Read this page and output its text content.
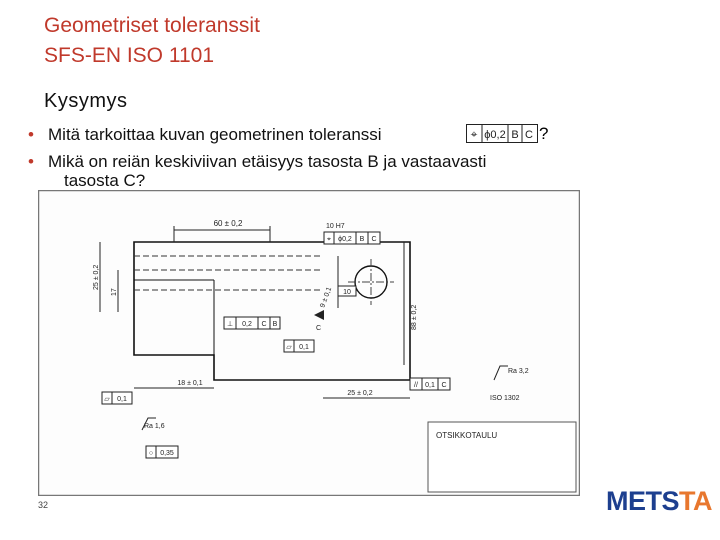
Geometriset toleranssit
SFS-EN ISO 1101
Kysymys
• Mitä tarkoittaa kuvan geometrinen toleranssi	⌖ ϕ0,2 B C ?
• Mikä on reiän keskiviivan etäisyys tasosta B ja vastaavasti
tasosta C?
60 ± 0,2	10 H7
⌖ ϕ0,2 B C
25 ± 0,2
17	9 ± 0,1 10
88 ± 0,2
⊥ 0,2 C B
C
▱ 0,1
18 ± 0,1
25 ± 0,2
// 0,1 C
Ra 3,2
ISO 1302
▱ 0,1
Ra 1,6
○ 0,35
OTSIKKOTAULU
32	METSTA
